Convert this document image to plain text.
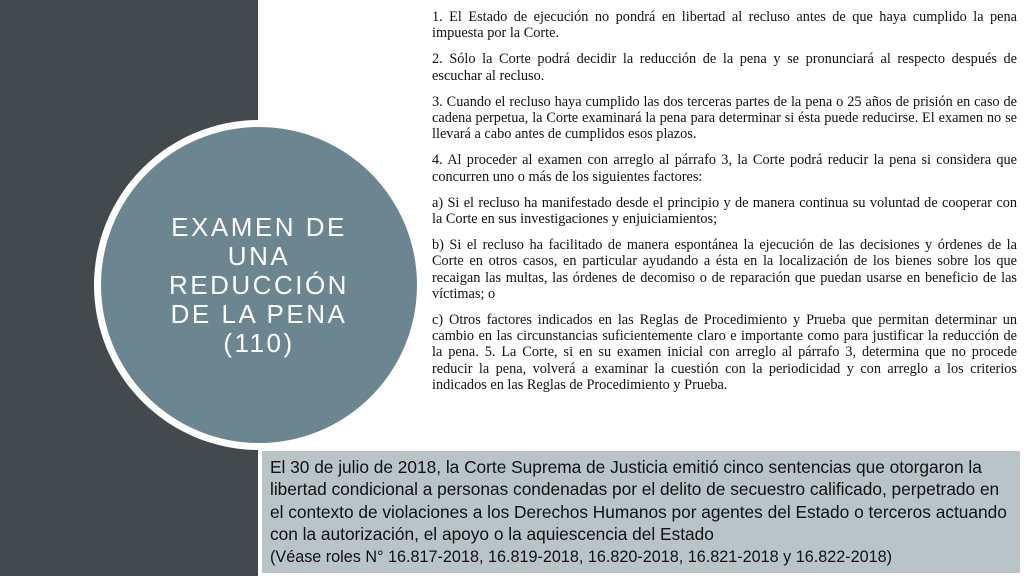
EXAMEN DE
UNA
REDUCCIÓN
DE LA PENA
(110)

1. El Estado de ejecución no pondrá en libertad al recluso antes de que haya cumplido la pena impuesta por la Corte.

2. Sólo la Corte podrá decidir la reducción de la pena y se pronunciará al respecto después de escuchar al recluso.

3. Cuando el recluso haya cumplido las dos terceras partes de la pena o 25 años de prisión en caso de cadena perpetua, la Corte examinará la pena para determinar si ésta puede reducirse. El examen no se llevará a cabo antes de cumplidos esos plazos.

4. Al proceder al examen con arreglo al párrafo 3, la Corte podrá reducir la pena si considera que concurren uno o más de los siguientes factores:

a) Si el recluso ha manifestado desde el principio y de manera continua su voluntad de cooperar con la Corte en sus investigaciones y enjuiciamientos;

b) Si el recluso ha facilitado de manera espontánea la ejecución de las decisiones y órdenes de la Corte en otros casos, en particular ayudando a ésta en la localización de los bienes sobre los que recaigan las multas, las órdenes de decomiso o de reparación que puedan usarse en beneficio de las víctimas; o

c) Otros factores indicados en las Reglas de Procedimiento y Prueba que permitan determinar un cambio en las circunstancias suficientemente claro e importante como para justificar la reducción de la pena. 5. La Corte, si en su examen inicial con arreglo al párrafo 3, determina que no procede reducir la pena, volverá a examinar la cuestión con la periodicidad y con arreglo a los criterios indicados en las Reglas de Procedimiento y Prueba.

El 30 de julio de 2018, la Corte Suprema de Justicia emitió cinco sentencias que otorgaron la libertad condicional a personas condenadas por el delito de secuestro calificado, perpetrado en el contexto de violaciones a los Derechos Humanos por agentes del Estado o terceros actuando con la autorización, el apoyo o la aquiescencia del Estado
(Véase roles N° 16.817-2018, 16.819-2018, 16.820-2018, 16.821-2018 y 16.822-2018)
